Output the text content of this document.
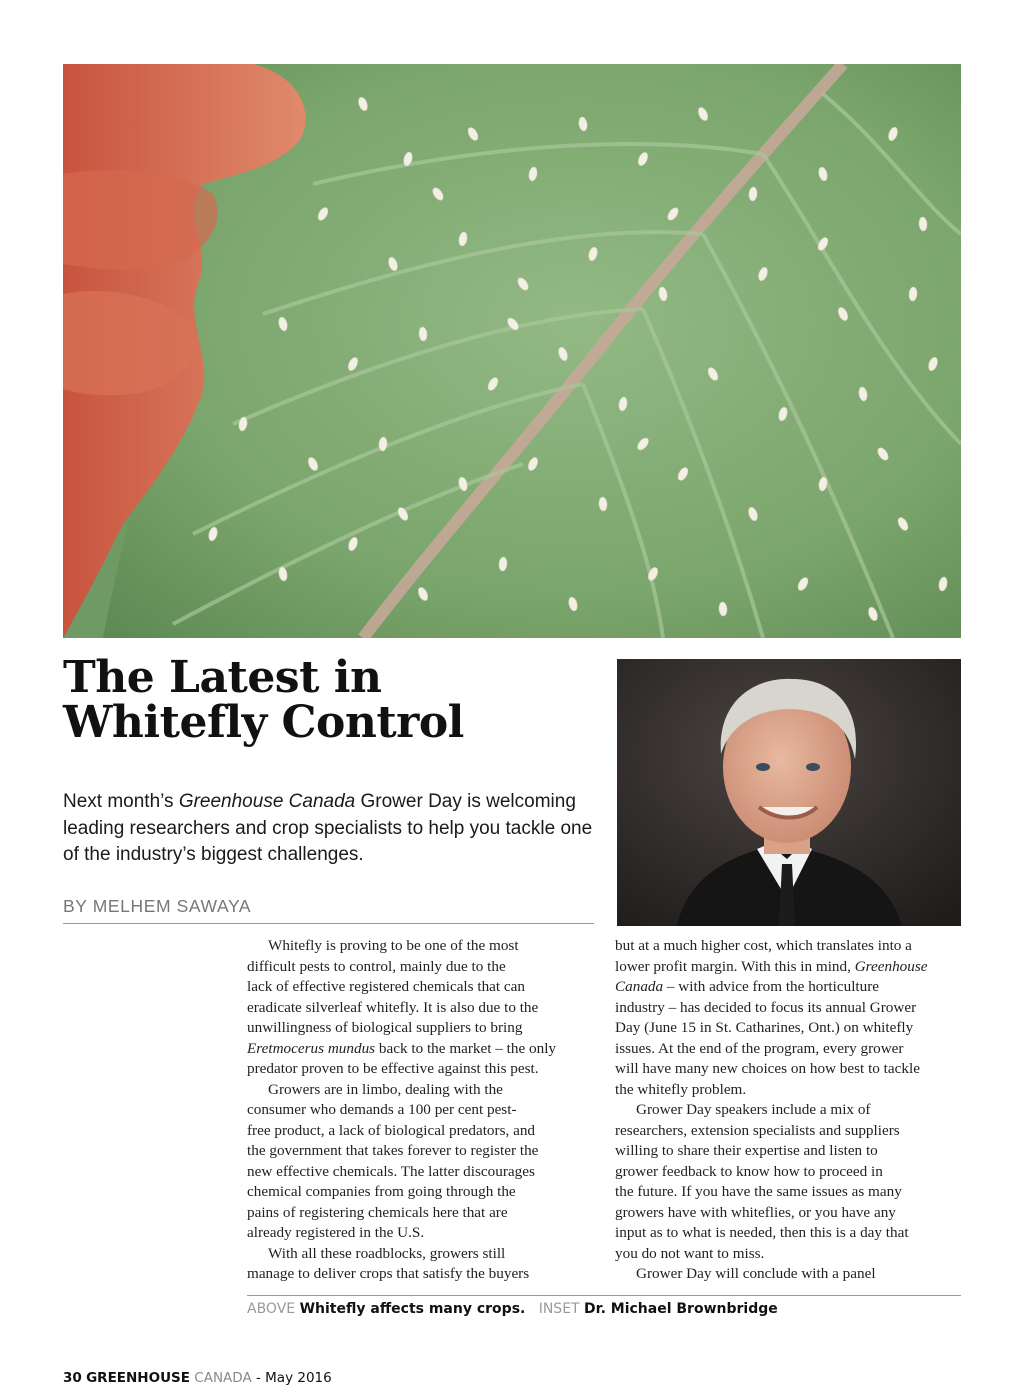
The Latest in
Whitefly Control
Next month’s Greenhouse Canada Grower Day is welcoming leading researchers and crop specialists to help you tackle one of the industry’s biggest challenges.
BY MELHEM SAWAYA
Whitefly is proving to be one of the most
difficult pests to control, mainly due to the
lack of effective registered chemicals that can
eradicate silverleaf whitefly. It is also due to the
unwillingness of biological suppliers to bring
Eretmocerus mundus back to the market – the only
predator proven to be effective against this pest.
Growers are in limbo, dealing with the
consumer who demands a 100 per cent pest-
free product, a lack of biological predators, and
the government that takes forever to register the
new effective chemicals. The latter discourages
chemical companies from going through the
pains of registering chemicals here that are
already registered in the U.S.
With all these roadblocks, growers still
manage to deliver crops that satisfy the buyers
but at a much higher cost, which translates into a
lower profit margin. With this in mind, Greenhouse
Canada – with advice from the horticulture
industry – has decided to focus its annual Grower
Day (June 15 in St. Catharines, Ont.) on whitefly
issues. At the end of the program, every grower
will have many new choices on how best to tackle
the whitefly problem.
Grower Day speakers include a mix of
researchers, extension specialists and suppliers
willing to share their expertise and listen to
grower feedback to know how to proceed in
the future. If you have the same issues as many
growers have with whiteflies, or you have any
input as to what is needed, then this is a day that
you do not want to miss.
Grower Day will conclude with a panel
ABOVE Whitefly affects many crops. INSET Dr. Michael Brownbridge
30 GREENHOUSE CANADA - May 2016
